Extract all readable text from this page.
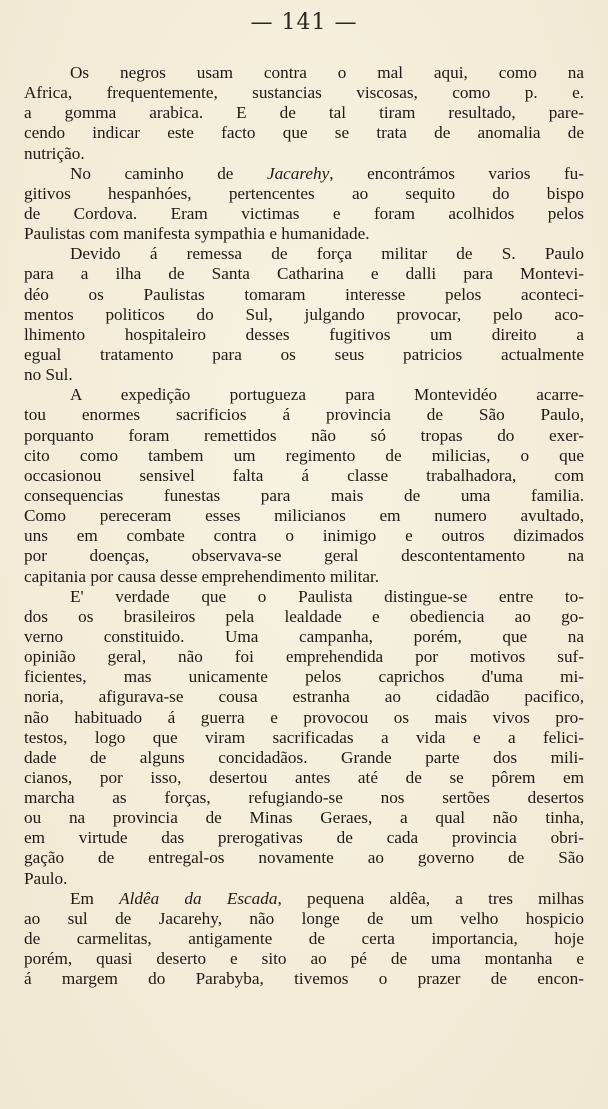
— 141 —
Os negros usam contra o mal aqui, como na
Africa, frequentemente, sustancias viscosas, como p. e.
a gomma arabica. E de tal tiram resultado, pare-
cendo indicar este facto que se trata de anomalia de
nutrição.
No caminho de Jacarehy, encontrámos varios fu-
gitivos hespanhóes, pertencentes ao sequito do bispo
de Cordova. Eram victimas e foram acolhidos pelos
Paulistas com manifesta sympathia e humanidade.
Devido á remessa de força militar de S. Paulo
para a ilha de Santa Catharina e dalli para Montevi-
déo os Paulistas tomaram interesse pelos aconteci-
mentos politicos do Sul, julgando provocar, pelo aco-
lhimento hospitaleiro desses fugitivos um direito a
egual tratamento para os seus patricios actualmente
no Sul.
A expedição portugueza para Montevidéo acarre-
tou enormes sacrificios á provincia de São Paulo,
porquanto foram remettidos não só tropas do exer-
cito como tambem um regimento de milicias, o que
occasionou sensivel falta á classe trabalhadora, com
consequencias funestas para mais de uma familia.
Como pereceram esses milicianos em numero avultado,
uns em combate contra o inimigo e outros dizimados
por doenças, observava-se geral descontentamento na
capitania por causa desse emprehendimento militar.
E' verdade que o Paulista distingue-se entre to-
dos os brasileiros pela lealdade e obediencia ao go-
verno constituido. Uma campanha, porém, que na
opinião geral, não foi emprehendida por motivos suf-
ficientes, mas unicamente pelos caprichos d'uma mi-
noria, afigurava-se cousa estranha ao cidadão pacifico,
não habituado á guerra e provocou os mais vivos pro-
testos, logo que viram sacrificadas a vida e a felici-
dade de alguns concidadãos. Grande parte dos mili-
cianos, por isso, desertou antes até de se pôrem em
marcha as forças, refugiando-se nos sertões desertos
ou na provincia de Minas Geraes, a qual não tinha,
em virtude das prerogativas de cada provincia obri-
gação de entregal-os novamente ao governo de São
Paulo.
Em Aldêa da Escada, pequena aldêa, a tres milhas
ao sul de Jacarehy, não longe de um velho hospicio
de carmelitas, antigamente de certa importancia, hoje
porém, quasi deserto e sito ao pé de uma montanha e
á margem do Parabyba, tivemos o prazer de encon-
